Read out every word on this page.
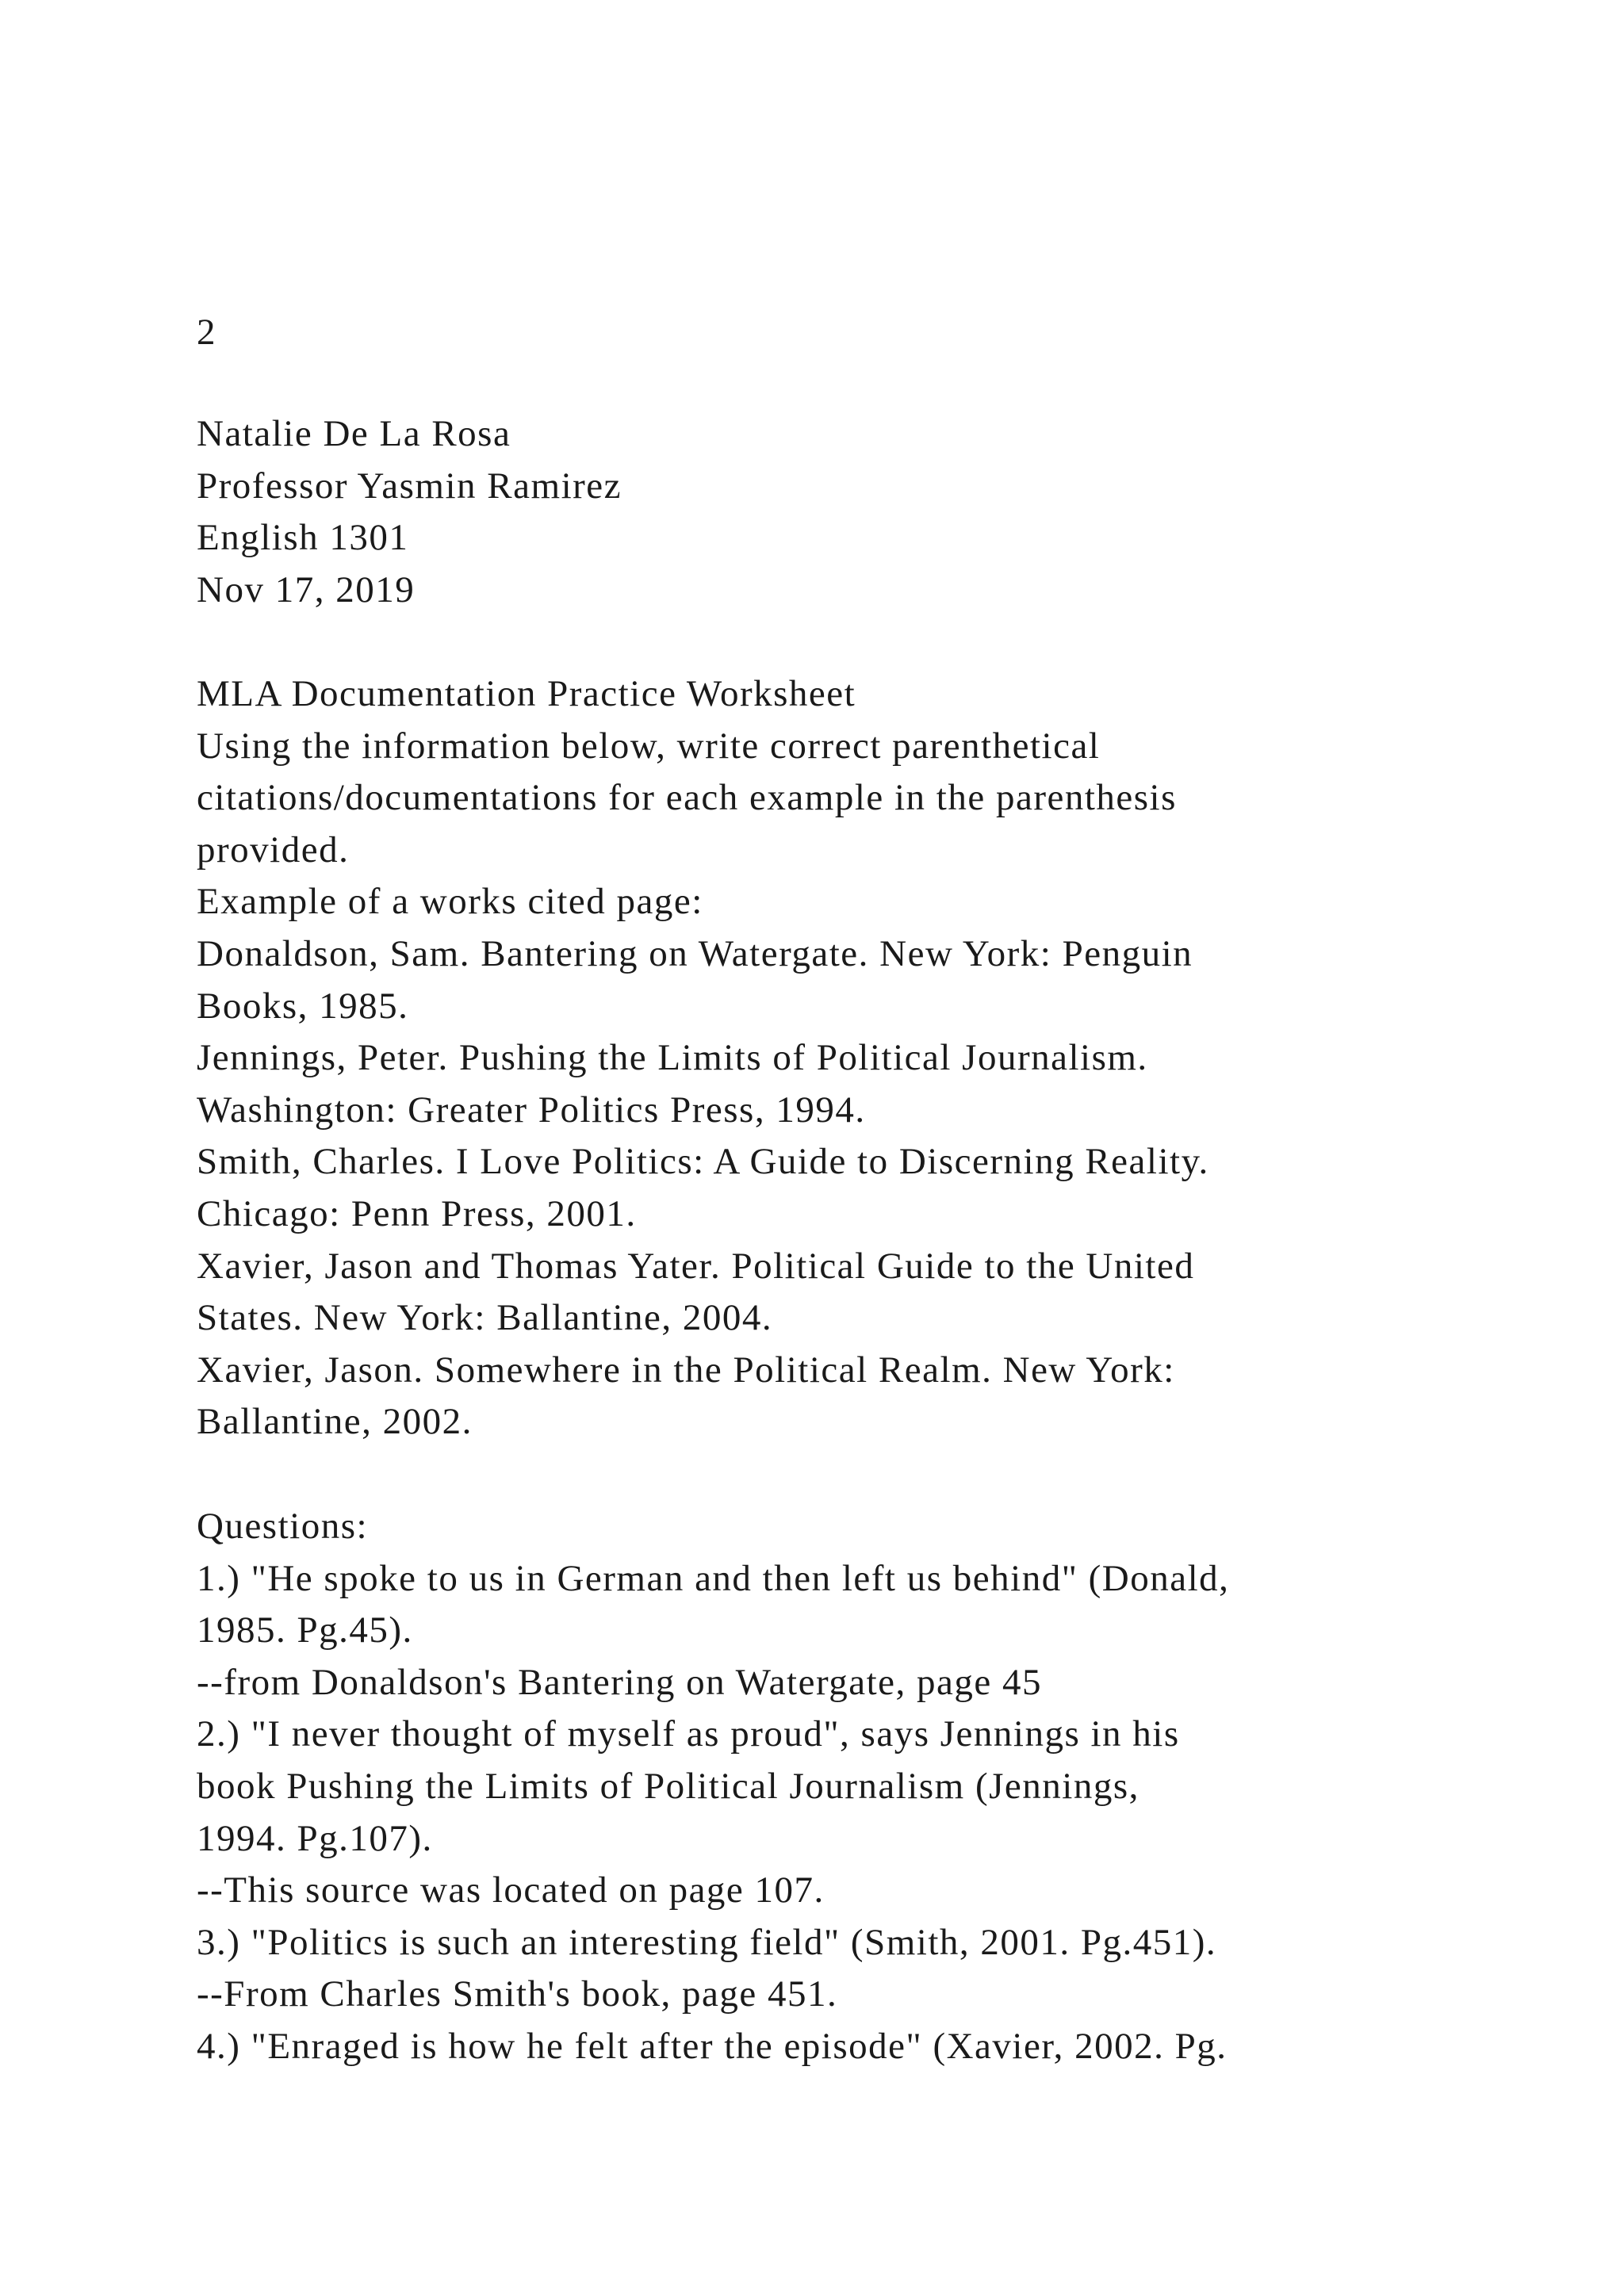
2
Natalie De La Rosa
Professor Yasmin Ramirez
English 1301
Nov 17, 2019
MLA Documentation Practice Worksheet
Using the information below, write correct parenthetical
citations/documentations for each example in the parenthesis
provided.
Example of a works cited page:
Donaldson, Sam. Bantering on Watergate. New York: Penguin
Books, 1985.
Jennings, Peter. Pushing the Limits of Political Journalism.
Washington: Greater Politics Press, 1994.
Smith, Charles. I Love Politics: A Guide to Discerning Reality.
Chicago: Penn Press, 2001.
Xavier, Jason and Thomas Yater. Political Guide to the United
States. New York: Ballantine, 2004.
Xavier, Jason. Somewhere in the Political Realm. New York:
Ballantine, 2002.
Questions:
1.) "He spoke to us in German and then left us behind" (Donald,
1985. Pg.45).
--from Donaldson's Bantering on Watergate, page 45
2.) "I never thought of myself as proud", says Jennings in his
book Pushing the Limits of Political Journalism (Jennings,
1994. Pg.107).
--This source was located on page 107.
3.) "Politics is such an interesting field" (Smith, 2001. Pg.451).
--From Charles Smith's book, page 451.
4.) "Enraged is how he felt after the episode" (Xavier, 2002. Pg.
